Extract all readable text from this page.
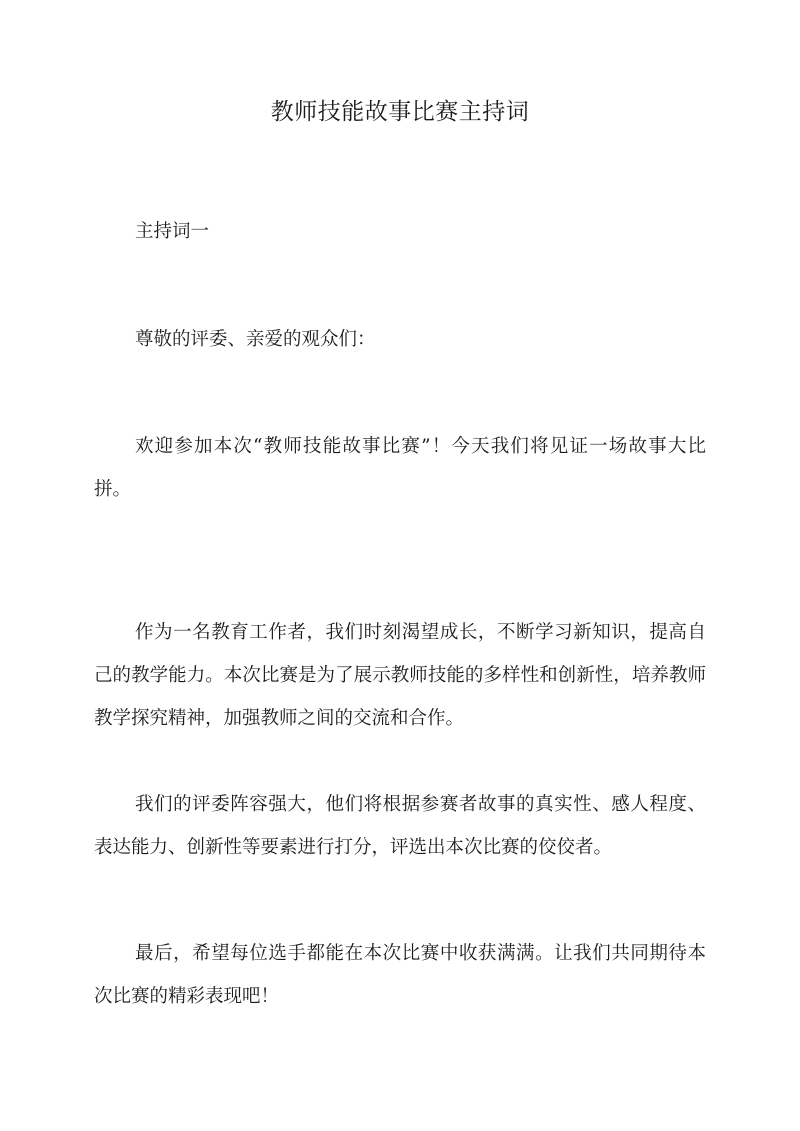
教师技能故事比赛主持词

主持词一

尊敬的评委、亲爱的观众们：

欢迎参加本次“教师技能故事比赛”！今天我们将见证一场故事大比拼。

作为一名教育工作者，我们时刻渴望成长，不断学习新知识，提高自己的教学能力。本次比赛是为了展示教师技能的多样性和创新性，培养教师教学探究精神，加强教师之间的交流和合作。

我们的评委阵容强大，他们将根据参赛者故事的真实性、感人程度、表达能力、创新性等要素进行打分，评选出本次比赛的佼佼者。

最后，希望每位选手都能在本次比赛中收获满满。让我们共同期待本次比赛的精彩表现吧！
